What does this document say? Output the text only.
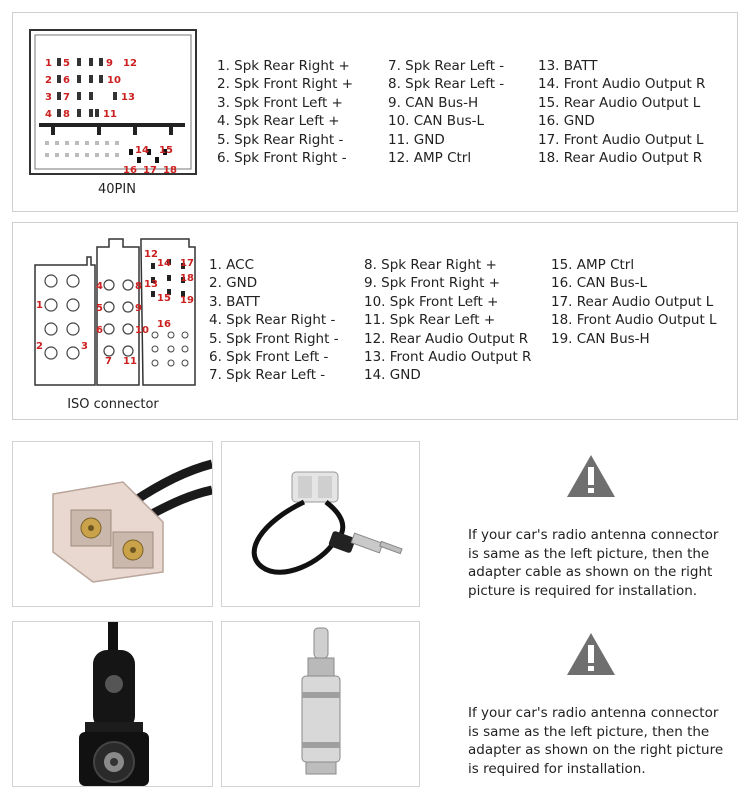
1 5	9 12
2 6	10
3 7	13
4 8	11
14 15
16 17 18
40PIN
1. Spk Rear Right +
2. Spk Front Right +
3. Spk Front Left +
4. Spk Rear Left +
5. Spk Rear Right -
6. Spk Front Right -
7. Spk Rear Left -
8. Spk Rear Left -
9. CAN Bus-H
10. CAN Bus-L
11. GND
12. AMP Ctrl
13. BATT
14. Front Audio Output R
15. Rear Audio Output L
16. GND
17. Front Audio Output L
18. Rear Audio Output R
1
2	3
4
5
6
7
8
9
10
11
12
13
14
15
16
17
18
19
ISO connector
1. ACC
2. GND
3. BATT
4. Spk Rear Right -
5. Spk Front Right -
6. Spk Front Left -
7. Spk Rear Left -
8. Spk Rear Right +
9. Spk Front Right +
10. Spk Front Left +
11. Spk Rear Left +
12. Rear Audio Output R
13. Front Audio Output R
14. GND
15. AMP Ctrl
16. CAN Bus-L
17. Rear Audio Output L
18. Front Audio Output L
19. CAN Bus-H
If your car's radio antenna connector
is same as the left picture, then the
adapter cable as shown on the right
picture is required for installation.
If your car's radio antenna connector
is same as the left picture, then the
adapter as shown on the right picture
is required for installation.
